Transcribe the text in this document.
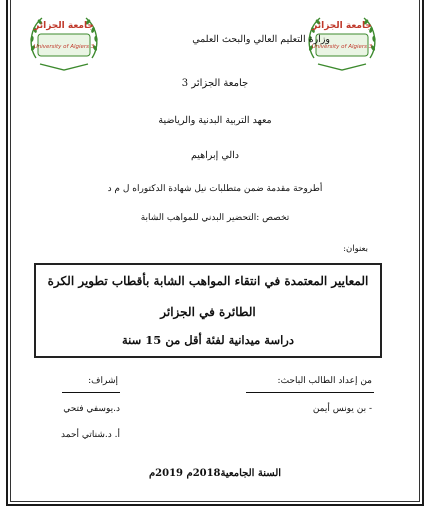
جامعة الجزائر
University of Algiers 3
جامعة الجزائر
University of Algiers 3
وزارة التعليم العالي والبحث العلمي
جامعة الجزائر 3
معهد التربية البدنية والرياضية
دالي إبراهيم
أطروحة مقدمة ضمن متطلبات نيل شهادة الدكتوراه ل م د
تخصص :التحضير البدني للمواهب الشابة
بعنوان:
المعايير المعتمدة في انتقاء المواهب الشابة بأقطاب تطوير الكرة
الطائرة في الجزائر
دراسة ميدانية لفئة أقل من 15 سنة
من إعداد الطالب الباحث:
- بن يونس أيمن
إشراف:
د.يوسفي فتحي
أ. د.شناتي أحمد
السنة الجامعية2018م 2019م
